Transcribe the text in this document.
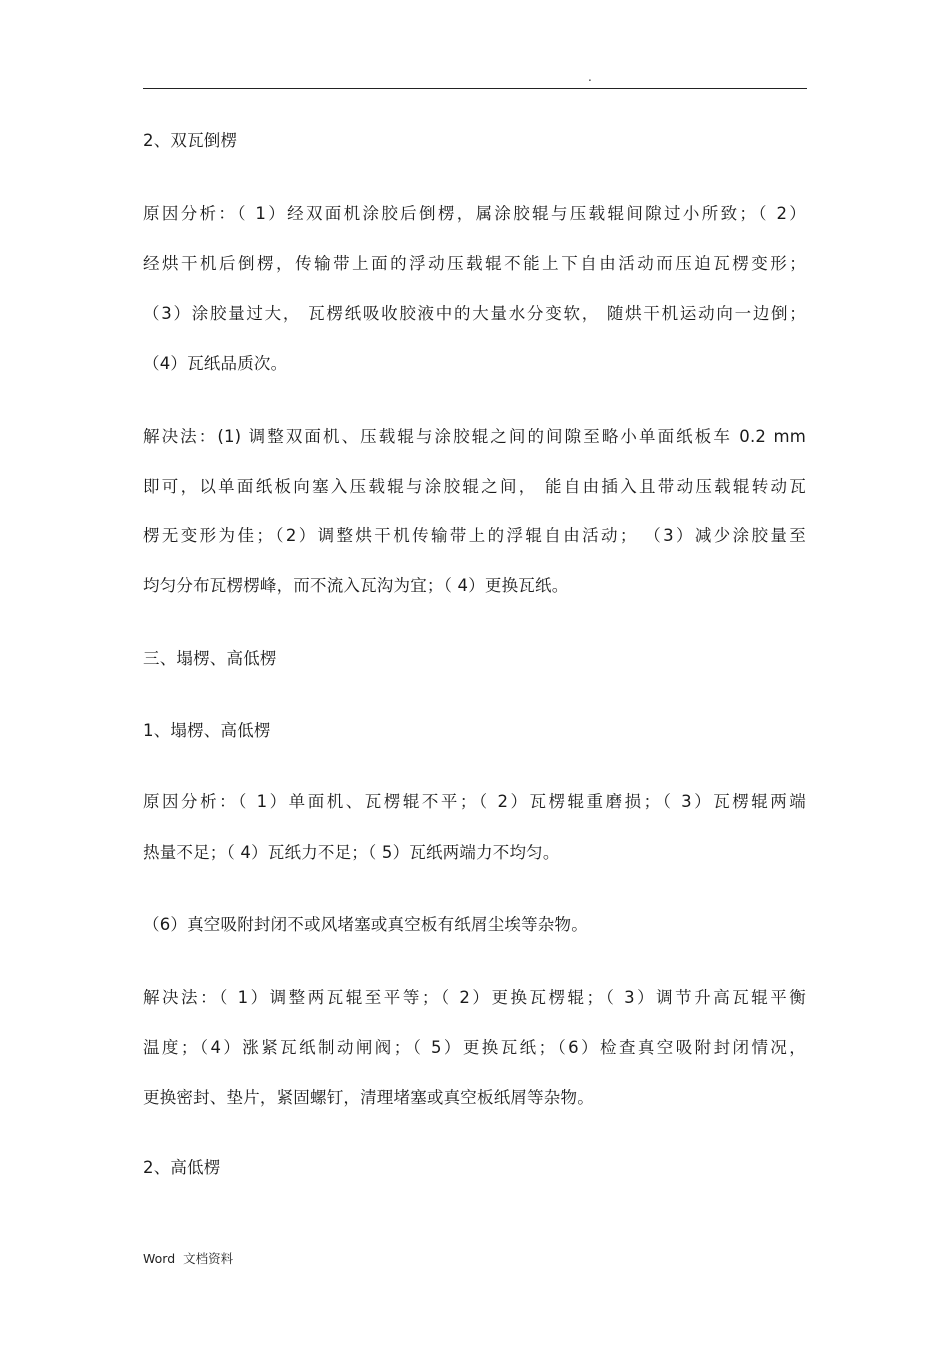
.
2、双瓦倒楞
原因分析：（ 1）经双面机涂胶后倒楞，属涂胶辊与压载辊间隙过小所致；（ 2）
经烘干机后倒楞，传输带上面的浮动压载辊不能上下自由活动而压迫瓦楞变形；
（3）涂胶量过大， 瓦楞纸吸收胶液中的大量水分变软， 随烘干机运动向一边倒；
（4）瓦纸品质次。
解决法：(1) 调整双面机、压载辊与涂胶辊之间的间隙至略小单面纸板车 0.2 mm
即可，以单面纸板向塞入压载辊与涂胶辊之间， 能自由插入且带动压载辊转动瓦
楞无变形为佳；（2）调整烘干机传输带上的浮辊自由活动； （3）减少涂胶量至
均匀分布瓦楞楞峰，而不流入瓦沟为宜；（ 4）更换瓦纸。
三、塌楞、高低楞
1、塌楞、高低楞
原因分析：（ 1）单面机、瓦楞辊不平；（ 2）瓦楞辊重磨损；（ 3）瓦楞辊两端
热量不足；（ 4）瓦纸力不足；（ 5）瓦纸两端力不均匀。
（6）真空吸附封闭不或风堵塞或真空板有纸屑尘埃等杂物。
解决法：（ 1）调整两瓦辊至平等；（ 2）更换瓦楞辊；（ 3）调节升高瓦辊平衡
温度；（4）涨紧瓦纸制动闸阀；（ 5）更换瓦纸；（6）检查真空吸附封闭情况，
更换密封、垫片，紧固螺钉，清理堵塞或真空板纸屑等杂物。
2、高低楞
Word  文档资料
